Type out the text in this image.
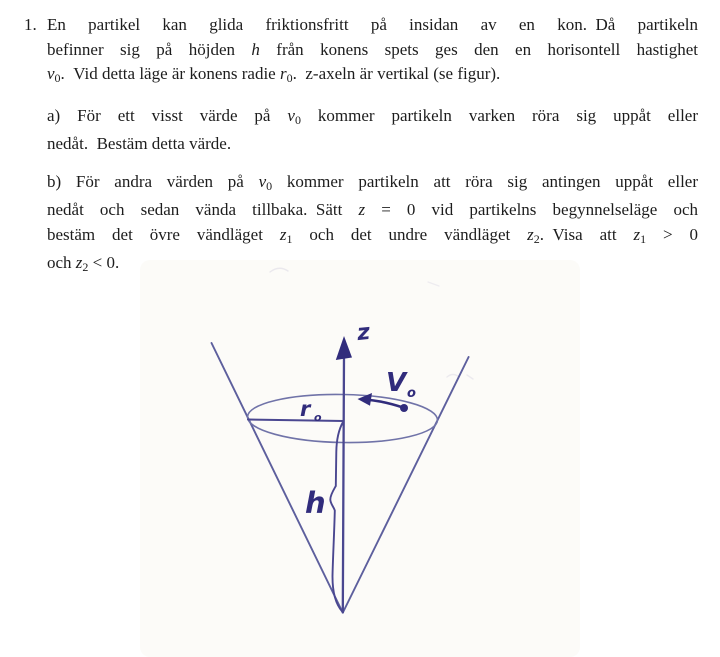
1. En partikel kan glida friktionsfritt på insidan av en kon. Då partikeln
befinner sig på höjden h från konens spets ges den en horisontell hastighet
v0. Vid detta läge är konens radie r0. z-axeln är vertikal (se figur).
a) För ett visst värde på v0 kommer partikeln varken röra sig uppåt eller
nedåt. Bestäm detta värde.
b) För andra värden på v0 kommer partikeln att röra sig antingen uppåt eller
nedåt och sedan vända tillbaka. Sätt z = 0 vid partikelns begynnelseläge och
bestäm det övre vändläget z1 och det undre vändläget z2. Visa att z1 > 0
och z2 < 0.
z
r o
V o
h
